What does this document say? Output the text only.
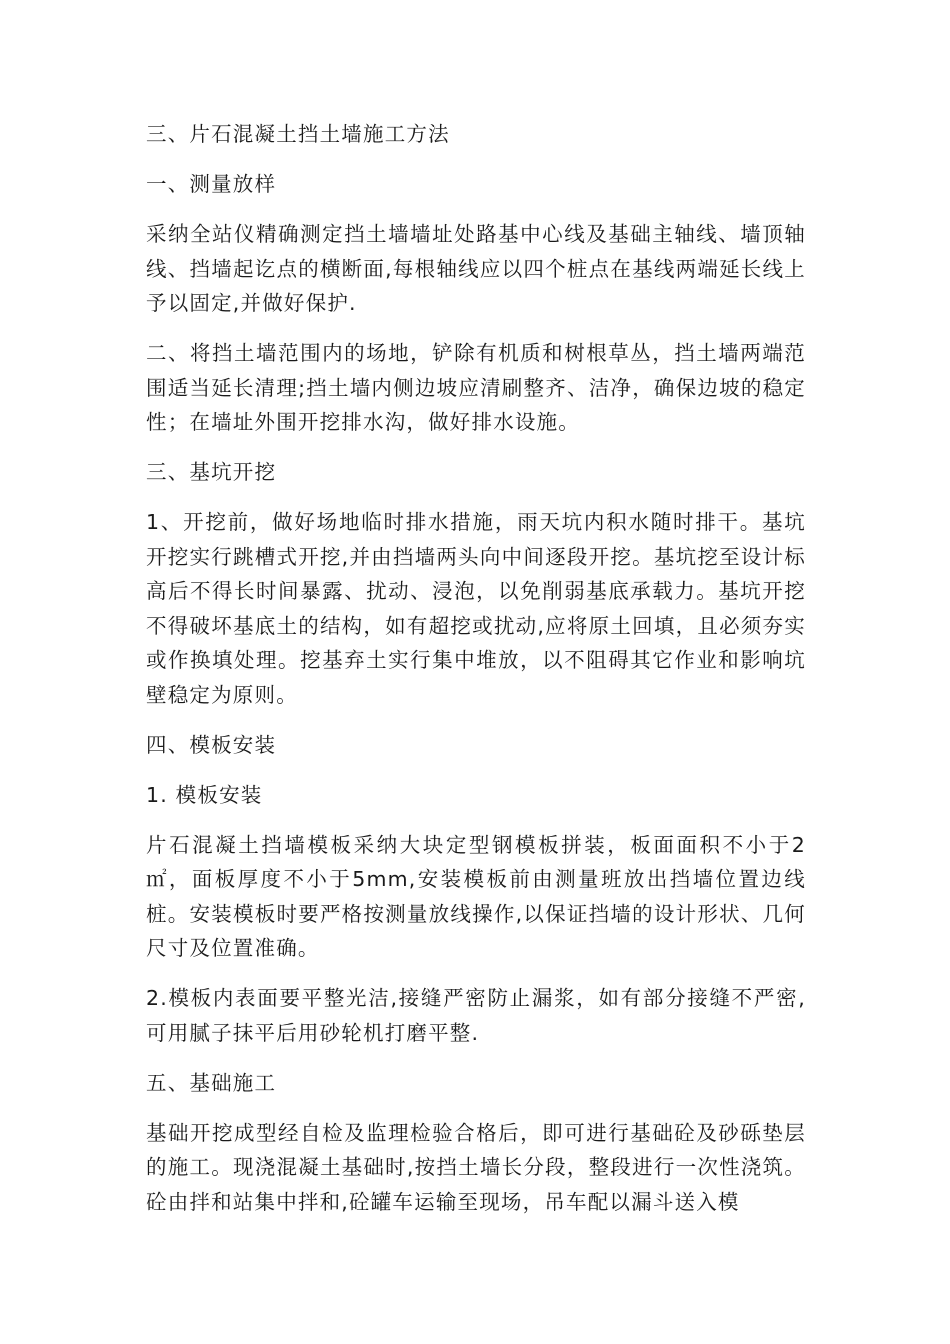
三、片石混凝土挡土墙施工方法

一、测量放样

采纳全站仪精确测定挡土墙墙址处路基中心线及基础主轴线、墙顶轴线、挡墙起讫点的横断面,每根轴线应以四个桩点在基线两端延长线上予以固定,并做好保护.

二、将挡土墙范围内的场地，铲除有机质和树根草丛，挡土墙两端范围适当延长清理;挡土墙内侧边坡应清刷整齐、洁净，确保边坡的稳定性；在墙址外围开挖排水沟，做好排水设施。

三、基坑开挖

1、开挖前，做好场地临时排水措施，雨天坑内积水随时排干。基坑开挖实行跳槽式开挖,并由挡墙两头向中间逐段开挖。基坑挖至设计标高后不得长时间暴露、扰动、浸泡，以免削弱基底承载力。基坑开挖不得破坏基底土的结构，如有超挖或扰动,应将原土回填，且必须夯实或作换填处理。挖基弃土实行集中堆放，以不阻碍其它作业和影响坑壁稳定为原则。

四、模板安装

1. 模板安装

片石混凝土挡墙模板采纳大块定型钢模板拼装，板面面积不小于2㎡，面板厚度不小于5mm,安装模板前由测量班放出挡墙位置边线桩。安装模板时要严格按测量放线操作,以保证挡墙的设计形状、几何尺寸及位置准确。

2.模板内表面要平整光洁,接缝严密防止漏浆，如有部分接缝不严密,可用腻子抹平后用砂轮机打磨平整.

五、基础施工

基础开挖成型经自检及监理检验合格后，即可进行基础砼及砂砾垫层的施工。现浇混凝土基础时,按挡土墙长分段，整段进行一次性浇筑。砼由拌和站集中拌和,砼罐车运输至现场，吊车配以漏斗送入模
